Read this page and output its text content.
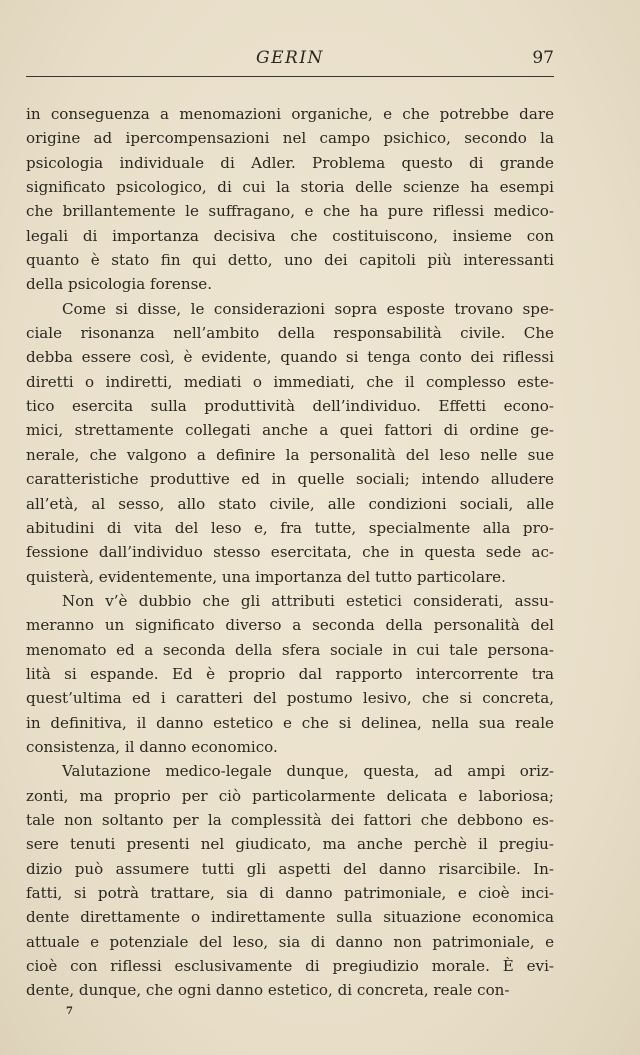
GERIN	97
in conseguenza a menomazioni organiche, e che potrebbe dare
origine ad ipercompensazioni nel campo psichico, secondo la
psicologia individuale di Adler. Problema questo di grande
significato psicologico, di cui la storia delle scienze ha esempi
che brillantemente le suffragano, e che ha pure riflessi medico-
legali di importanza decisiva che costituiscono, insieme con
quanto è stato fin qui detto, uno dei capitoli più interessanti
della psicologia forense.
Come si disse, le considerazioni sopra esposte trovano spe-
ciale risonanza nell’ambito della responsabilità civile. Che
debba essere così, è evidente, quando si tenga conto dei riflessi
diretti o indiretti, mediati o immediati, che il complesso este-
tico esercita sulla produttività dell’individuo. Effetti econo-
mici, strettamente collegati anche a quei fattori di ordine ge-
nerale, che valgono a definire la personalità del leso nelle sue
caratteristiche produttive ed in quelle sociali; intendo alludere
all’età, al sesso, allo stato civile, alle condizioni sociali, alle
abitudini di vita del leso e, fra tutte, specialmente alla pro-
fessione dall’individuo stesso esercitata, che in questa sede ac-
quisterà, evidentemente, una importanza del tutto particolare.
Non v’è dubbio che gli attributi estetici considerati, assu-
meranno un significato diverso a seconda della personalità del
menomato ed a seconda della sfera sociale in cui tale persona-
lità si espande. Ed è proprio dal rapporto intercorrente tra
quest’ultima ed i caratteri del postumo lesivo, che si concreta,
in definitiva, il danno estetico e che si delinea, nella sua reale
consistenza, il danno economico.
Valutazione medico-legale dunque, questa, ad ampi oriz-
zonti, ma proprio per ciò particolarmente delicata e laboriosa;
tale non soltanto per la complessità dei fattori che debbono es-
sere tenuti presenti nel giudicato, ma anche perchè il pregiu-
dizio può assumere tutti gli aspetti del danno risarcibile. In-
fatti, si potrà trattare, sia di danno patrimoniale, e cioè inci-
dente direttamente o indirettamente sulla situazione economica
attuale e potenziale del leso, sia di danno non patrimoniale, e
cioè con riflessi esclusivamente di pregiudizio morale. È evi-
dente, dunque, che ogni danno estetico, di concreta, reale con-
7
